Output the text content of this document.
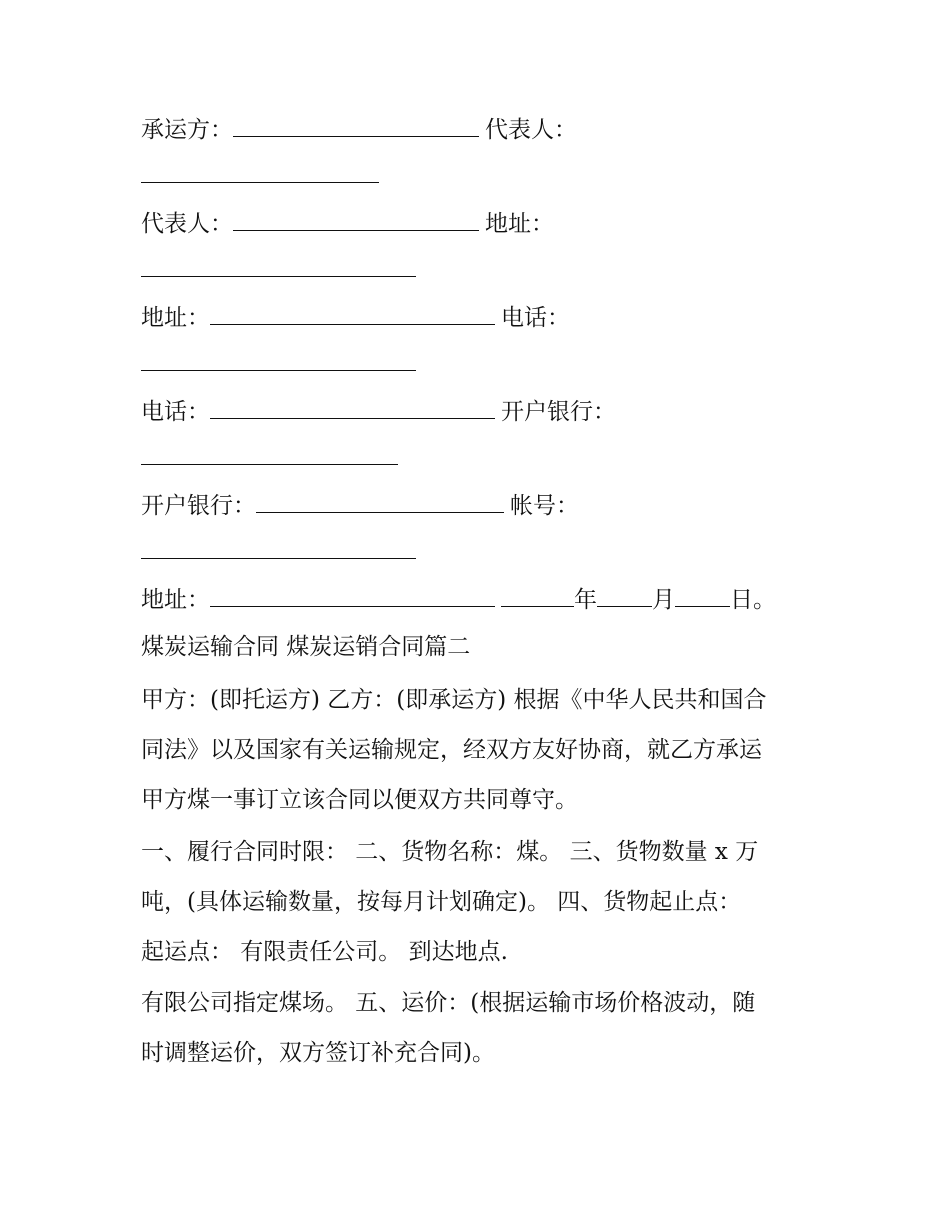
承运方：	代表人：
代表人：	地址：
地址：	电话：
电话：	开户银行：
开户银行：	帐号：
地址：	年 月 日。
煤炭运输合同 煤炭运销合同篇二
甲方：(即托运方) 乙方：(即承运方) 根据《中华人民共和国合
同法》以及国家有关运输规定，经双方友好协商，就乙方承运
甲方煤一事订立该合同以便双方共同尊守。
一、履行合同时限： 二、货物名称：煤。 三、货物数量 x 万
吨，(具体运输数量，按每月计划确定)。 四、货物起止点：
起运点： 有限责任公司。 到达地点.
有限公司指定煤场。 五、运价：(根据运输市场价格波动，随
时调整运价，双方签订补充合同)。
